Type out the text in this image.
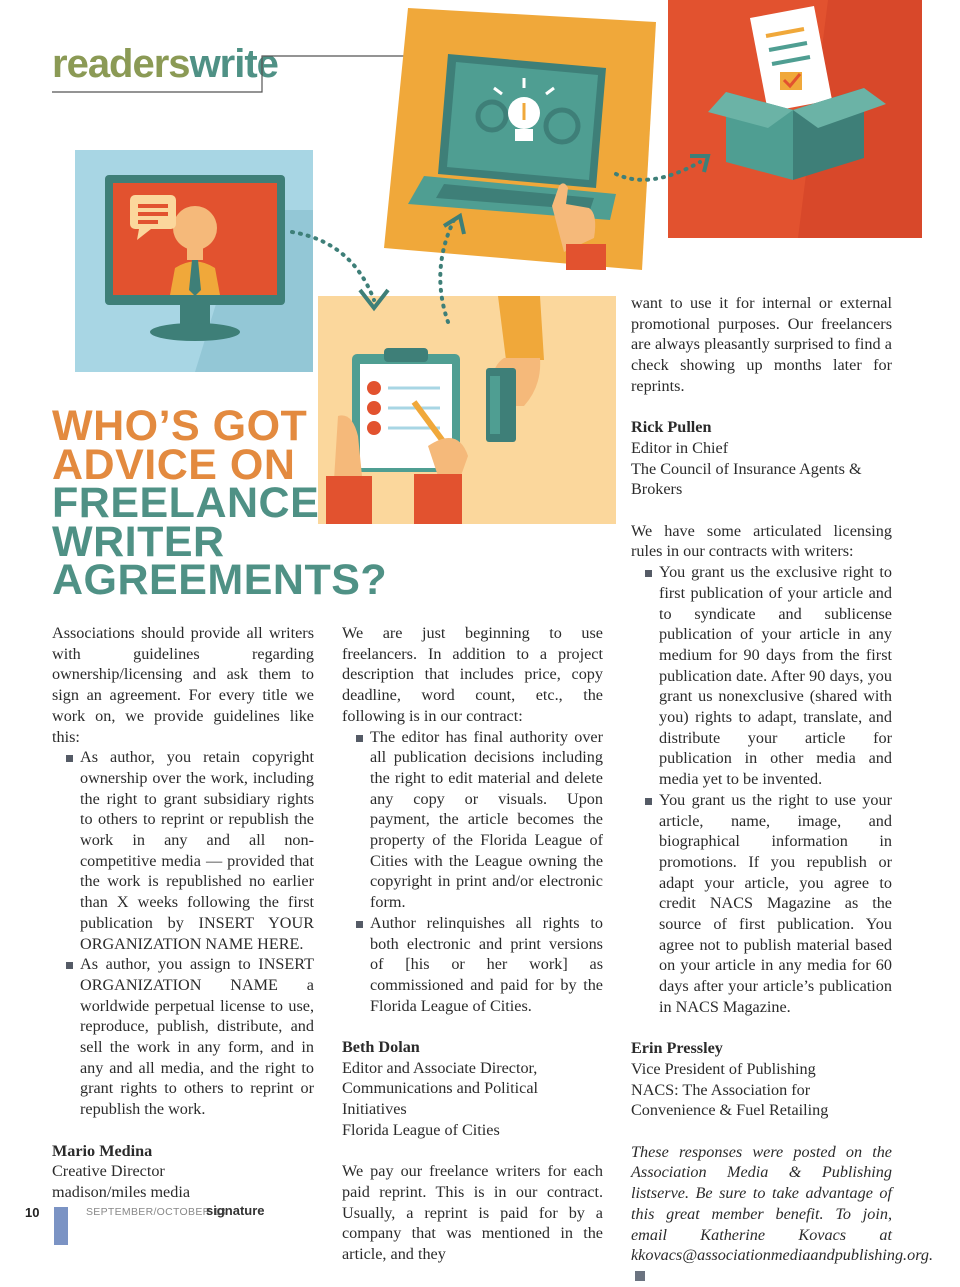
readerswrite
WHO’S GOT
ADVICE ON
FREELANCE
WRITER
AGREEMENTS?

Associations should provide all writers with guidelines regarding ownership/licensing and ask them to sign an agreement. For every title we work on, we provide guidelines like this:

As author, you retain copyright ownership over the work, including the right to grant subsidiary rights to others to reprint or republish the work in any and all non-competitive media — provided that the work is republished no earlier than X weeks following the first publication by INSERT YOUR ORGANIZATION NAME HERE.
As author, you assign to INSERT ORGANIZATION NAME a worldwide perpetual license to use, reproduce, publish, distribute, and sell the work in any form, and in any and all media, and the right to grant rights to others to reprint or republish the work.

Mario Medina

Creative Director

madison/miles media

We are just beginning to use freelancers. In addition to a project description that includes price, copy deadline, word count, etc., the following is in our contract:

The editor has final authority over all publication decisions including the right to edit material and delete any copy or visuals. Upon payment, the article becomes the property of the Florida League of Cities with the League owning the copyright in print and/or electronic form.
Author relinquishes all rights to both electronic and print versions of [his or her work] as commissioned and paid for by the Florida League of Cities.

Beth Dolan

Editor and Associate Director, Communications and Political Initiatives

Florida League of Cities

We pay our freelance writers for each paid reprint. This is in our contract. Usually, a reprint is paid for by a company that was mentioned in the article, and they

want to use it for internal or external promotional purposes. Our freelancers are always pleasantly surprised to find a check showing up months later for reprints.

Rick Pullen

Editor in Chief

The Council of Insurance Agents & Brokers

We have some articulated licensing rules in our contracts with writers:

You grant us the exclusive right to first publication of your article and to syndicate and sublicense publication of your article in any medium for 90 days from the first publication date. After 90 days, you grant us nonexclusive (shared with you) rights to adapt, translate, and distribute your article for publication in other media and media yet to be invented.
You grant us the right to use your article, name, image, and biographical information in promotions. If you republish or adapt your article, you agree to credit NACS Magazine as the source of first publication. You agree not to publish material based on your article in any media for 60 days after your article’s publication in NACS Magazine.

Erin Pressley

Vice President of Publishing

NACS: The Association for Convenience & Fuel Retailing

These responses were posted on the Association Media & Publishing listserve. Be sure to take advantage of this great member benefit. To join, email Katherine Kovacs at kkovacs@associationmediaandpublishing.org.

10	SEPTEMBER/OCTOBER 13
signature
